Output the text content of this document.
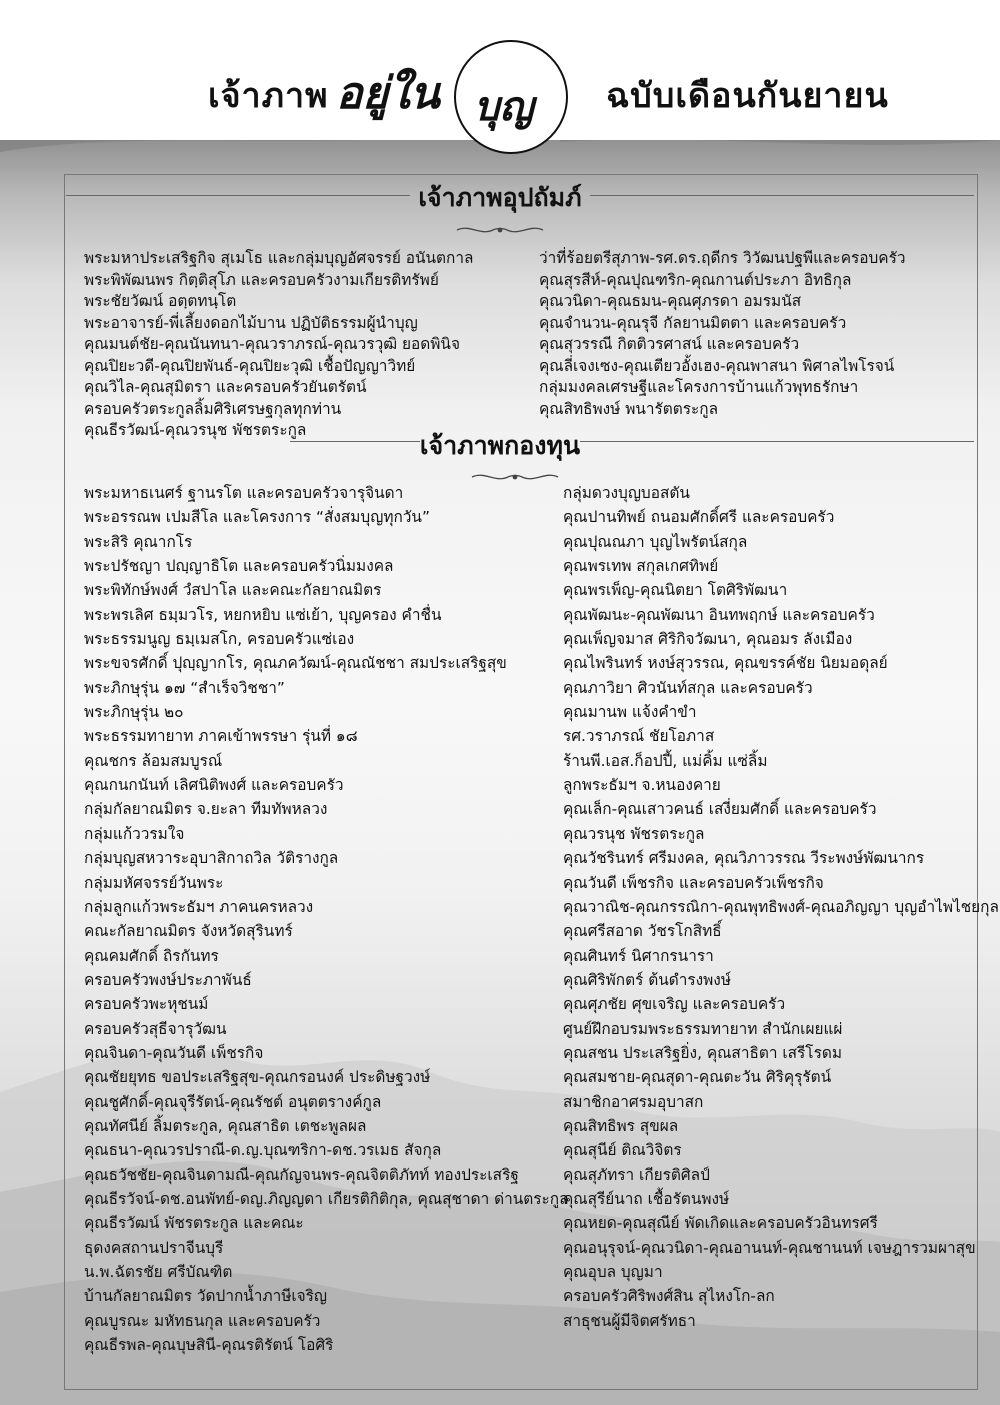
เจ้าภาพ อยู่ใน บุญ ฉบับเดือนกันยายน
เจ้าภาพอุปถัมภ์
พระมหาประเสริฐกิจ สุเมโธ และกลุ่มบุญอัศจรรย์ อนันตกาล
พระพิพัฒนพร กิตฺติสุโภ และครอบครัวงามเกียรติทรัพย์
พระชัยวัฒน์ อตฺตทนฺโต
พระอาจารย์-พี่เลี้ยงดอกไม้บาน ปฏิบัติธรรมผู้นำบุญ
คุณมนต์ชัย-คุณนันทนา-คุณวราภรณ์-คุณวรวุฒิ ยอดพินิจ
คุณปิยะวดี-คุณปิยพันธ์-คุณปิยะวุฒิ เชื้อปัญญาวิทย์
คุณวิไล-คุณสุมิตรา และครอบครัวยันตรัตน์
ครอบครัวตระกูลลิ้มศิริเศรษฐกุลทุกท่าน
คุณธีรวัฒน์-คุณวรนุช พัชรตระกูล
ว่าที่ร้อยตรีสุภาพ-รศ.ดร.ฤดีกร วิวัฒนปฐพีและครอบครัว
คุณสุรสีห์-คุณปุณฑริก-คุณกานต์ประภา อิทธิกุล
คุณวนิดา-คุณธมน-คุณศุภรดา อมรมนัส
คุณจำนวน-คุณรุจี กัลยานมิตตา และครอบครัว
คุณสุวรรณี กิตติวรศาสน์ และครอบครัว
คุณลี่เจงเซง-คุณเตียวอั้งเฮง-คุณพาสนา พิศาลไพโรจน์
กลุ่มมงคลเศรษฐีและโครงการบ้านแก้วพุทธรักษา
คุณสิทธิพงษ์ พนารัตตระกูล
เจ้าภาพกองทุน
พระมหาธเนศร์ ฐานรโต และครอบครัวจารุจินดา
พระอรรณพ เปมสีโล และโครงการ “สั่งสมบุญทุกวัน”
พระสิริ คุณากโร
พระปรัชญา ปญฺญาธิโต และครอบครัวนิ่มมงคล
พระพิทักษ์พงศ์ วํสปาโล และคณะกัลยาณมิตร
พระพรเลิศ ธมฺมวโร, หยกหยิบ แซ่เย้า, บุญครอง คำชื่น
พระธรรมนูญ ธมฺเมสโก, ครอบครัวแซ่เอง
พระขจรศักดิ์ ปุญฺญากโร, คุณภควัฒน์-คุณณัชชา สมประเสริฐสุข
พระภิกษุรุ่น ๑๗ “สำเร็จวิชชา”
พระภิกษุรุ่น ๒๐
พระธรรมทายาท ภาคเข้าพรรษา รุ่นที่ ๑๘
คุณชกร ล้อมสมบูรณ์
คุณกนกนันท์ เลิศนิติพงศ์ และครอบครัว
กลุ่มกัลยาณมิตร จ.ยะลา ทีมทัพหลวง
กลุ่มแก้ววรมใจ
กลุ่มบุญสหวาระอุบาสิกาถวิล วัติรางกูล
กลุ่มมหัศจรรย์วันพระ
กลุ่มลูกแก้วพระธัมฯ ภาคนครหลวง
คณะกัลยาณมิตร จังหวัดสุรินทร์
คุณคมศักดิ์ ถิรกันทร
ครอบครัวพงษ์ประภาพันธ์
ครอบครัวพะหุชนม์
ครอบครัวสุธีจารุวัฒน
คุณจินดา-คุณวันดี เพ็ชรกิจ
คุณชัยยุทธ ขอประเสริฐสุข-คุณกรอนงค์ ประดิษฐวงษ์
คุณชูศักดิ์-คุณจุรีรัตน์-คุณรัชต์ อนุตตรางค์กูล
คุณทัศนีย์ ลิ้มตระกูล, คุณสาธิต เตชะพูลผล
คุณธนา-คุณวรปราณี-ด.ญ.บุณฑริกา-ดช.วรเมธ สัจกุล
คุณธวัชชัย-คุณจินดามณี-คุณกัญจนพร-คุณจิตติภัทท์ ทองประเสริฐ
คุณธีรวัจน์-ดช.อนพัทย์-ดญ.ภิญญดา เกียรติกิติกุล, คุณสุชาดา ด่านตระกูล
คุณธีรวัฒน์ พัชรตระกูล และคณะ
ธุดงคสถานปราจีนบุรี
น.พ.ฉัตรชัย ศรีบัณฑิต
บ้านกัลยาณมิตร วัดปากน้ำภาษีเจริญ
คุณบูรณะ มหัทธนกุล และครอบครัว
คุณธีรพล-คุณบุษสินี-คุณรติรัตน์ โอศิริ
กลุ่มดวงบุญบอสตัน
คุณปานทิพย์ ถนอมศักดิ์ศรี และครอบครัว
คุณปุณณภา บุญไพรัตน์สกุล
คุณพรเทพ สกุลเกศทิพย์
คุณพรเพ็ญ-คุณนิตยา โตศิริพัฒนา
คุณพัฒนะ-คุณพัฒนา อินทพฤกษ์ และครอบครัว
คุณเพ็ญจมาส ศิริกิจวัฒนา, คุณอมร ลังเมือง
คุณไพรินทร์ หงษ์สุวรรณ, คุณขรรค์ชัย นิยมอดุลย์
คุณภาวิยา ศิวนันท์สกุล และครอบครัว
คุณมานพ แจ้งคำขำ
รศ.วราภรณ์ ชัยโอภาส
ร้านพี.เอส.ก็อปปี้, แม่คิ้ม แซ่ลิ้ม
ลูกพระธัมฯ จ.หนองคาย
คุณเล็ก-คุณเสาวคนธ์ เสงี่ยมศักดิ์ และครอบครัว
คุณวรนุช พัชรตระกูล
คุณวัชรินทร์ ศรีมงคล, คุณวิภาวรรณ วีระพงษ์พัฒนากร
คุณวันดี เพ็ชรกิจ และครอบครัวเพ็ชรกิจ
คุณวาณิช-คุณกรรณิกา-คุณพุทธิพงศ์-คุณอภิญญา บุญอำไพไชยกุล
คุณศรีสอาด วัชรโกสิทธิ์
คุณศินทร์ นิศากรนารา
คุณศิริพักตร์ ต้นดำรงพงษ์
คุณศุภชัย ศุขเจริญ และครอบครัว
ศูนย์ฝึกอบรมพระธรรมทายาท สำนักเผยแผ่
คุณสชน ประเสริฐยิ่ง, คุณสาธิตา เสรีโรดม
คุณสมชาย-คุณสุดา-คุณตะวัน ศิริคุรุรัตน์
สมาชิกอาศรมอุบาสก
คุณสิทธิพร สุขผล
คุณสุนีย์ ติณวิจิตร
คุณสุภัทรา เกียรติศิลป์
คุณสุรีย์นาถ เชื้อรัตนพงษ์
คุณหยด-คุณสุณีย์ พัดเกิดและครอบครัวอินทรศรี
คุณอนุรุจน์-คุณวนิดา-คุณอานนท์-คุณชานนท์ เจษฎารวมผาสุข
คุณอุบล บุญมา
ครอบครัวศิริพงศ์สิน สุไหงโก-ลก
สาธุชนผู้มีจิตศรัทธา
